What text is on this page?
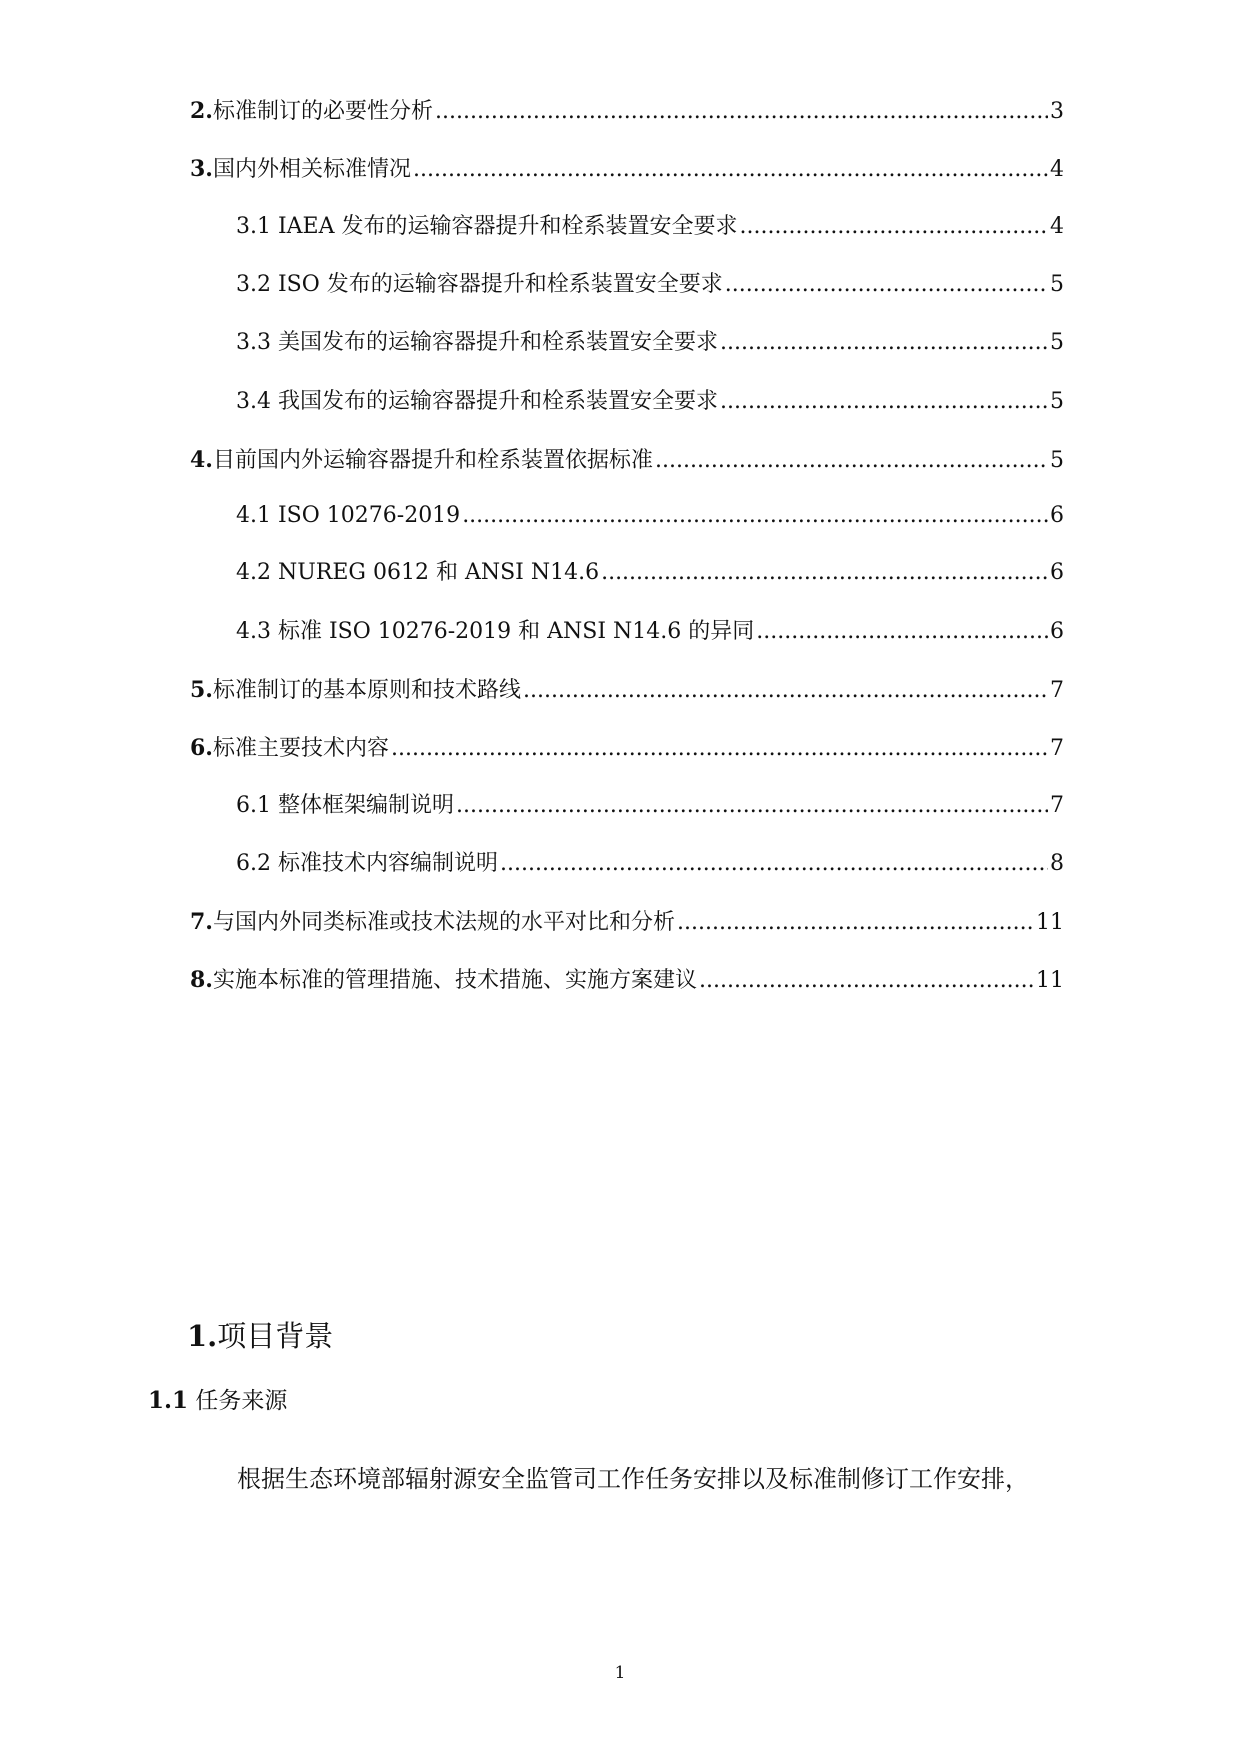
2. 标准制订的必要性分析 .....	3
3. 国内外相关标准情况 .....	4
3.1 IAEA 发布的运输容器提升和栓系装置安全要求 .....	4
3.2 ISO 发布的运输容器提升和栓系装置安全要求 .....	5
3.3 美国发布的运输容器提升和栓系装置安全要求 .....	5
3.4 我国发布的运输容器提升和栓系装置安全要求 .....	5
4. 目前国内外运输容器提升和栓系装置依据标准 .....	5
4.1 ISO 10276-2019 .....	6
4.2 NUREG 0612 和 ANSI N14.6 .....	6
4.3 标准 ISO 10276-2019 和 ANSI N14.6 的异同 .....	6
5. 标准制订的基本原则和技术路线 .....	7
6. 标准主要技术内容 .....	7
6.1 整体框架编制说明 .....	7
6.2 标准技术内容编制说明 .....	8
7. 与国内外同类标准或技术法规的水平对比和分析 .....	11
8. 实施本标准的管理措施、技术措施、实施方案建议 .....	11
1.项目背景
1.1 任务来源
根据生态环境部辐射源安全监管司工作任务安排以及标准制修订工作安排，
1
